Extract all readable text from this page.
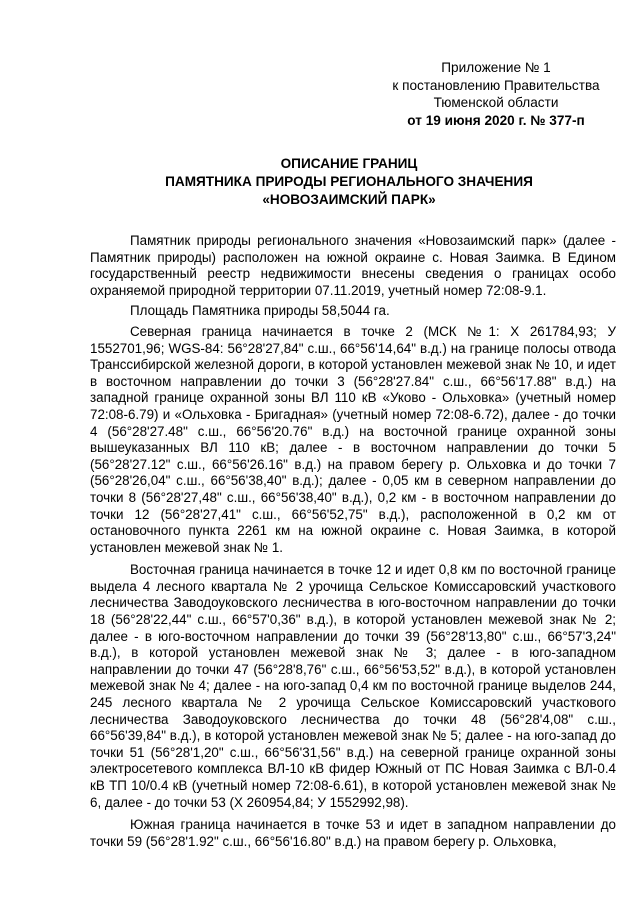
Приложение № 1
к постановлению Правительства
Тюменской области
от 19 июня 2020 г. № 377-п
ОПИСАНИЕ ГРАНИЦ
ПАМЯТНИКА ПРИРОДЫ РЕГИОНАЛЬНОГО ЗНАЧЕНИЯ
«НОВОЗАИМСКИЙ ПАРК»

Памятник природы регионального значения «Новозаимский парк» (далее - Памятник природы) расположен на южной окраине с. Новая Заимка. В Едином государственный реестр недвижимости внесены сведения о границах особо охраняемой природной территории 07.11.2019, учетный номер 72:08-9.1.

Площадь Памятника природы 58,5044 га.

Северная граница начинается в точке 2 (МСК №1: X 261784,93; У 1552701,96; WGS-84: 56°28'27,84" с.ш., 66°56'14,64" в.д.) на границе полосы отвода Транссибирской железной дороги, в которой установлен межевой знак № 10, и идет в восточном направлении до точки 3 (56°28'27.84" с.ш., 66°56'17.88" в.д.) на западной границе охранной зоны ВЛ 110 кВ «Уково - Ольховка» (учетный номер 72:08-6.79) и «Ольховка - Бригадная» (учетный номер 72:08-6.72), далее - до точки 4 (56°28'27.48" с.ш., 66°56'20.76" в.д.) на восточной границе охранной зоны вышеуказанных ВЛ 110 кВ; далее - в восточном направлении до точки 5 (56°28'27.12" с.ш., 66°56'26.16" в.д.) на правом берегу р. Ольховка и до точки 7 (56°28'26,04" с.ш., 66°56'38,40" в.д.); далее - 0,05 км в северном направлении до точки 8 (56°28'27,48" с.ш., 66°56'38,40" в.д.), 0,2 км - в восточном направлении до точки 12 (56°28'27,41" с.ш., 66°56'52,75" в.д.), расположенной в 0,2 км от остановочного пункта 2261 км на южной окраине с. Новая Заимка, в которой установлен межевой знак № 1.

Восточная граница начинается в точке 12 и идет 0,8 км по восточной границе выдела 4 лесного квартала № 2 урочища Сельское Комиссаровский участкового лесничества Заводоуковского лесничества в юго-восточном направлении до точки 18 (56°28'22,44" с.ш., 66°57'0,36" в.д.), в которой установлен межевой знак № 2; далее - в юго-восточном направлении до точки 39 (56°28'13,80" с.ш., 66°57'3,24" в.д.), в которой установлен межевой знак № 3; далее - в юго-западном направлении до точки 47 (56°28'8,76" с.ш., 66°56'53,52" в.д.), в которой установлен межевой знак № 4; далее - на юго-запад 0,4 км по восточной границе выделов 244, 245 лесного квартала № 2 урочища Сельское Комиссаровский участкового лесничества Заводоуковского лесничества до точки 48 (56°28'4,08" с.ш., 66°56'39,84" в.д.), в которой установлен межевой знак № 5; далее - на юго-запад до точки 51 (56°28'1,20" с.ш., 66°56'31,56" в.д.) на северной границе охранной зоны электросетевого комплекса ВЛ-10 кВ фидер Южный от ПС Новая Заимка с ВЛ-0.4 кВ ТП 10/0.4 кВ (учетный номер 72:08-6.61), в которой установлен межевой знак № 6, далее - до точки 53 (X 260954,84; У 1552992,98).

Южная граница начинается в точке 53 и идет в западном направлении до точки 59 (56°28'1.92" с.ш., 66°56'16.80" в.д.) на правом берегу р. Ольховка,
